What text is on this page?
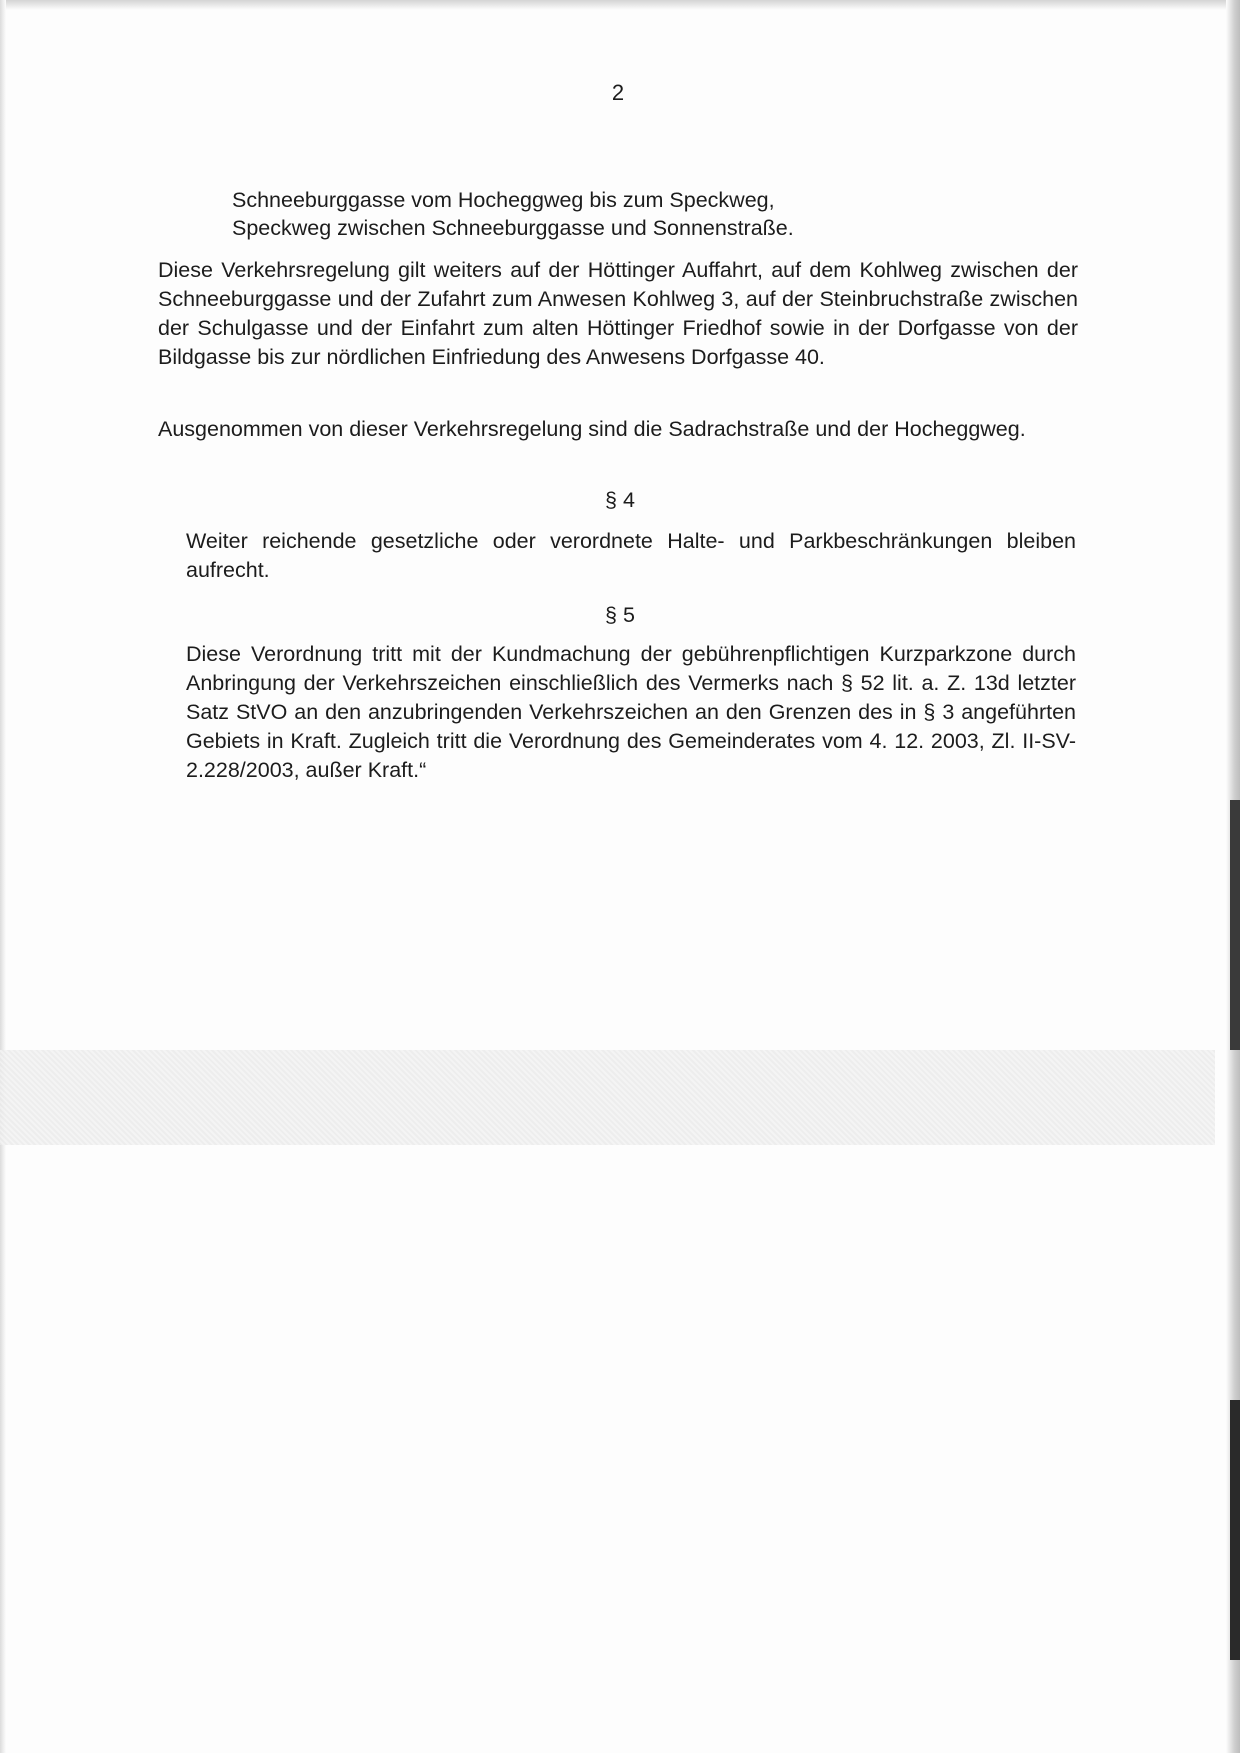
2
Schneeburggasse vom Hocheggweg bis zum Speckweg,
Speckweg zwischen Schneeburggasse und Sonnenstraße.

Diese Verkehrsregelung gilt weiters auf der Höttinger Auffahrt, auf dem Kohlweg zwischen der Schneeburggasse und der Zufahrt zum Anwesen Kohlweg 3, auf der Steinbruchstraße zwischen der Schulgasse und der Einfahrt zum alten Höttinger Friedhof sowie in der Dorfgasse von der Bildgasse bis zur nördlichen Einfriedung des Anwesens Dorfgasse 40.

Ausgenommen von dieser Verkehrsregelung sind die Sadrachstraße und der Hocheggweg.

§ 4

Weiter reichende gesetzliche oder verordnete Halte- und Parkbeschränkungen bleiben aufrecht.

§ 5

Diese Verordnung tritt mit der Kundmachung der gebührenpflichtigen Kurzparkzone durch Anbringung der Verkehrszeichen einschließlich des Vermerks nach § 52 lit. a. Z. 13d letzter Satz StVO an den anzubringenden Verkehrszeichen an den Grenzen des in § 3 angeführten Gebiets in Kraft. Zugleich tritt die Verordnung des Gemeinderates vom 4. 12. 2003, Zl. II-SV-2.228/2003, außer Kraft.“
